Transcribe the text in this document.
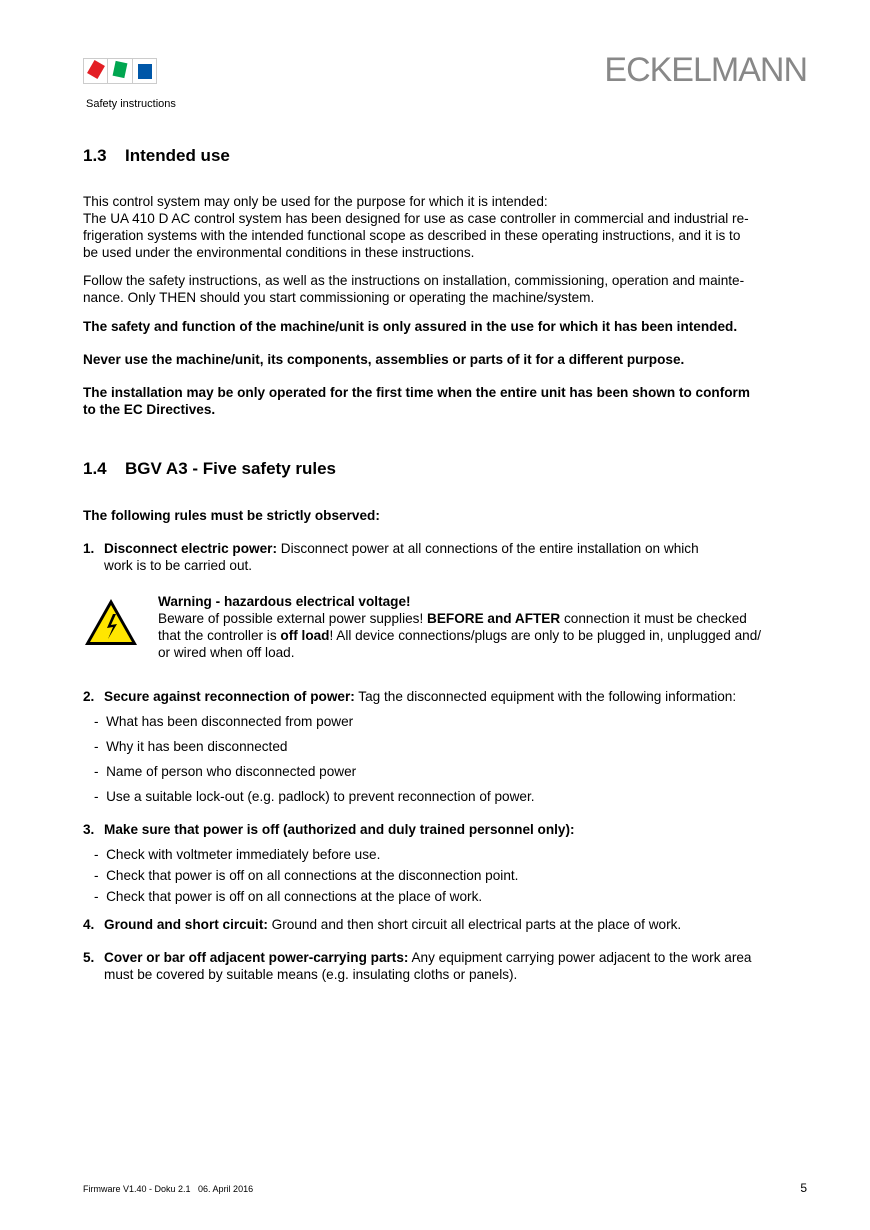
ECKELMANN
Safety instructions
1.3 Intended use
This control system may only be used for the purpose for which it is intended:
The UA 410 D AC control system has been designed for use as case controller in commercial and industrial re-
frigeration systems with the intended functional scope as described in these operating instructions, and it is to
be used under the environmental conditions in these instructions.
Follow the safety instructions, as well as the instructions on installation, commissioning, operation and mainte-
nance. Only THEN should you start commissioning or operating the machine/system.
The safety and function of the machine/unit is only assured in the use for which it has been intended.
Never use the machine/unit, its components, assemblies or parts of it for a different purpose.
The installation may be only operated for the first time when the entire unit has been shown to conform
to the EC Directives.
1.4 BGV A3 - Five safety rules
The following rules must be strictly observed:
1. Disconnect electric power: Disconnect power at all connections of the entire installation on which
work is to be carried out.
Warning - hazardous electrical voltage!
Beware of possible external power supplies! BEFORE and AFTER connection it must be checked
that the controller is off load! All device connections/plugs are only to be plugged in, unplugged and/
or wired when off load.
2. Secure against reconnection of power: Tag the disconnected equipment with the following information:
-  What has been disconnected from power
-  Why it has been disconnected
-  Name of person who disconnected power
-  Use a suitable lock-out (e.g. padlock) to prevent reconnection of power.
3. Make sure that power is off (authorized and duly trained personnel only):
-  Check with voltmeter immediately before use.
-  Check that power is off on all connections at the disconnection point.
-  Check that power is off on all connections at the place of work.
4. Ground and short circuit: Ground and then short circuit all electrical parts at the place of work.
5. Cover or bar off adjacent power-carrying parts: Any equipment carrying power adjacent to the work area
must be covered by suitable means (e.g. insulating cloths or panels).
Firmware V1.40 - Doku 2.1   06. April 2016	5
